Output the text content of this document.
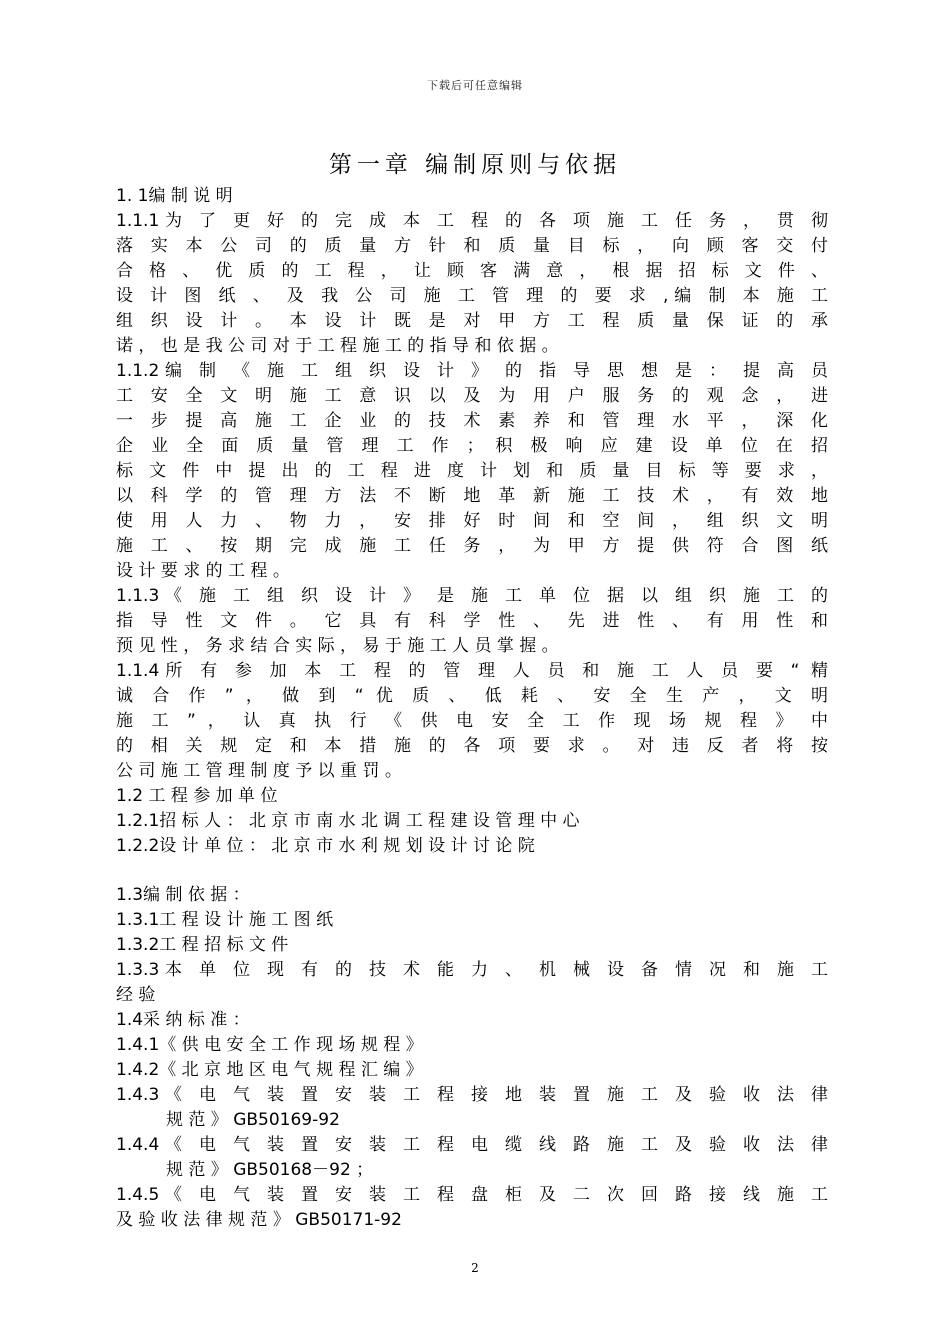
下载后可任意编辑
第一章 编制原则与依据
1. 1编 制 说 明
1.1.1为 了 更 好 的 完 成 本 工 程 的 各 项 施 工 任 务 ， 贯 彻
落 实 本 公 司 的 质 量 方 针 和 质 量 目 标 ， 向 顾 客 交 付
合 格 、 优 质 的 工 程 ， 让 顾 客 满 意 ， 根 据 招 标 文 件 、
设 计 图 纸 、 及 我 公 司 施 工 管 理 的 要 求 ,编 制 本 施 工
组 织 设 计 。 本 设 计 既 是 对 甲 方 工 程 质 量 保 证 的 承
诺 ， 也 是 我 公 司 对 于 工 程 施 工 的 指 导 和 依 据 。
1.1.2编 制 《 施 工 组 织 设 计 》 的 指 导 思 想 是 ： 提 高 员
工 安 全 文 明 施 工 意 识 以 及 为 用 户 服 务 的 观 念 ， 进
一 步 提 高 施 工 企 业 的 技 术 素 养 和 管 理 水 平 ， 深 化
企 业 全 面 质 量 管 理 工 作 ； 积 极 响 应 建 设 单 位 在 招
标 文 件 中 提 出 的 工 程 进 度 计 划 和 质 量 目 标 等 要 求 ，
以 科 学 的 管 理 方 法 不 断 地 革 新 施 工 技 术 ， 有 效 地
使 用 人 力 、 物 力 ， 安 排 好 时 间 和 空 间 ， 组 织 文 明
施 工 、 按 期 完 成 施 工 任 务 ， 为 甲 方 提 供 符 合 图 纸
设 计 要 求 的 工 程 。
1.1.3《 施 工 组 织 设 计 》 是 施 工 单 位 据 以 组 织 施 工 的
指 导 性 文 件 。 它 具 有 科 学 性 、 先 进 性 、 有 用 性 和
预 见 性 ， 务 求 结 合 实 际 ， 易 于 施 工 人 员 掌 握 。
1.1.4所 有 参 加 本 工 程 的 管 理 人 员 和 施 工 人 员 要 “ 精
诚 合 作 ” ， 做 到 “ 优 质 、 低 耗 、 安 全 生 产 ， 文 明
施 工 ” ， 认 真 执 行 《 供 电 安 全 工 作 现 场 规 程 》 中
的 相 关 规 定 和 本 措 施 的 各 项 要 求 。 对 违 反 者 将 按
公 司 施 工 管 理 制 度 予 以 重 罚 。
1.2 工 程 参 加 单 位
1.2.1招 标 人 ： 北 京 市 南 水 北 调 工 程 建 设 管 理 中 心
1.2.2设 计 单 位 ： 北 京 市 水 利 规 划 设 计 讨 论 院
1.3编 制 依 据 ：
1.3.1工 程 设 计 施 工 图 纸
1.3.2工 程 招 标 文 件
1.3.3本 单 位 现 有 的 技 术 能 力 、 机 械 设 备 情 况 和 施 工
经 验
1.4采 纳 标 准 ：
1.4.1《 供 电 安 全 工 作 现 场 规 程 》
1.4.2《 北 京 地 区 电 气 规 程 汇 编 》
1.4.3《 电 气 装 置 安 装 工 程 接 地 装 置 施 工 及 验 收 法 律
规 范 》 GB50169-92
1.4.4《 电 气 装 置 安 装 工 程 电 缆 线 路 施 工 及 验 收 法 律
规 范 》 GB50168－92 ；
1.4.5《 电 气 装 置 安 装 工 程 盘 柜 及 二 次 回 路 接 线 施 工
及 验 收 法 律 规 范 》 GB50171-92
2
